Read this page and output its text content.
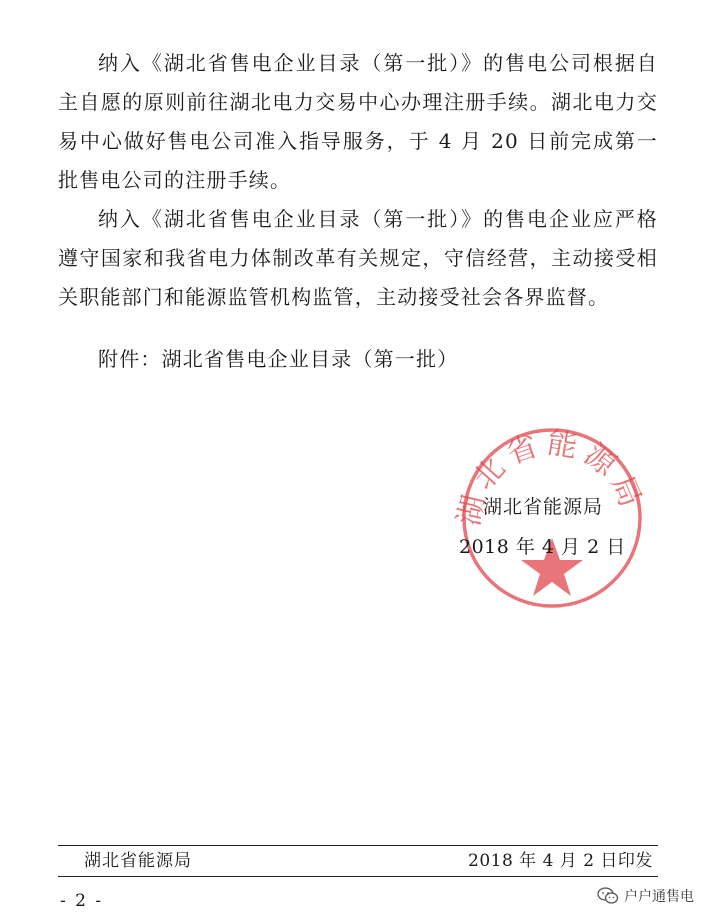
纳入《湖北省售电企业目录（第一批）》的售电公司根据自主自愿的原则前往湖北电力交易中心办理注册手续。湖北电力交易中心做好售电公司准入指导服务，于 4 月 20 日前完成第一批售电公司的注册手续。

纳入《湖北省售电企业目录（第一批）》的售电企业应严格遵守国家和我省电力体制改革有关规定，守信经营，主动接受相关职能部门和能源监管机构监管，主动接受社会各界监督。

附件：湖北省售电企业目录（第一批）
湖北省能源局
湖北省能源局
2018 年 4 月 2 日
湖北省能源局	2018 年 4 月 2 日印发
- 2 -	户户通售电
